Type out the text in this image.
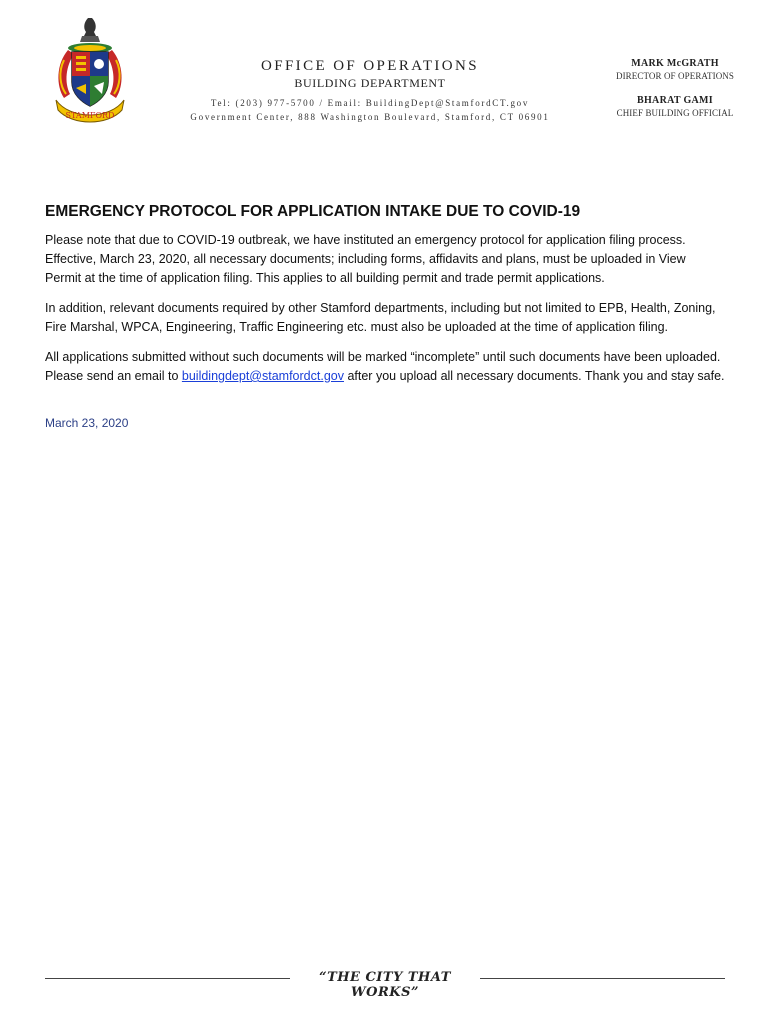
STAMFORD
OFFICE OF OPERATIONS
BUILDING DEPARTMENT
Tel: (203) 977-5700 / Email: BuildingDept@StamfordCT.gov
Government Center, 888 Washington Boulevard, Stamford, CT 06901
MARK McGRATH
DIRECTOR OF OPERATIONS
BHARAT GAMI
CHIEF BUILDING OFFICIAL
EMERGENCY PROTOCOL FOR APPLICATION INTAKE DUE TO COVID-19

Please note that due to COVID-19 outbreak, we have instituted an emergency protocol for application filing process. Effective, March 23, 2020, all necessary documents; including forms, affidavits and plans, must be uploaded in View Permit at the time of application filing. This applies to all building permit and trade permit applications.

In addition, relevant documents required by other Stamford departments, including but not limited to EPB, Health, Zoning, Fire Marshal, WPCA, Engineering, Traffic Engineering etc. must also be uploaded at the time of application filing.

All applications submitted without such documents will be marked “incomplete” until such documents have been uploaded. Please send an email to buildingdept@stamfordct.gov after you upload all necessary documents. Thank you and stay safe.

March 23, 2020
“THE CITY THAT WORKS”
